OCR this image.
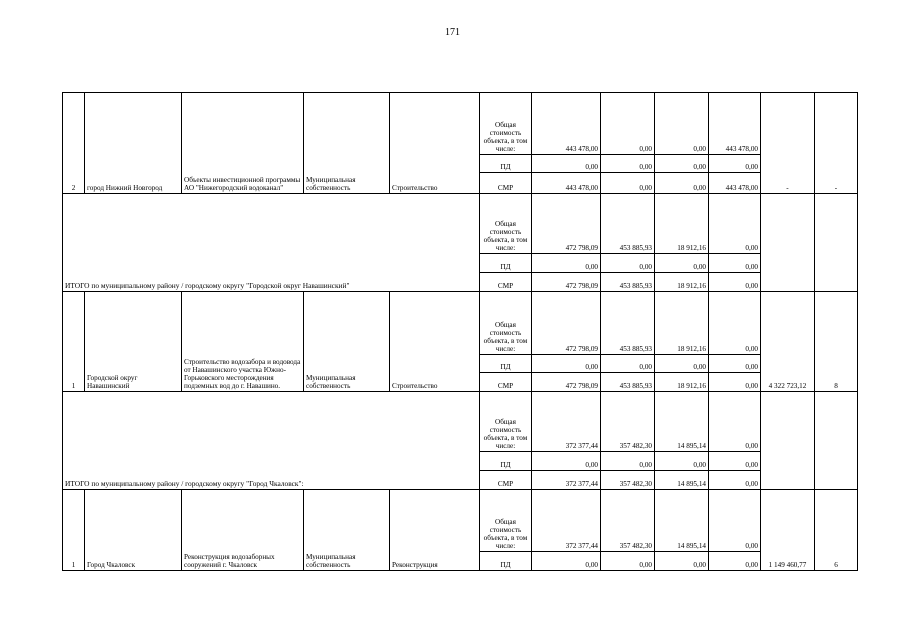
171
2	город Нижний Новгород	Объекты инвестиционной программы АО "Нижегородский водоканал"	Муниципальная собственность	Строительство	Общая стоимость объекта, в том числе:	443 478,00	0,00	0,00	443 478,00	-	-
					ПД	0,00	0,00	0,00	0,00		
					СМР	443 478,00	0,00	0,00	443 478,00		
ИТОГО по муниципальному району / городскому округу "Городской округ Навашинский"					Общая стоимость объекта, в том числе:	472 798,09	453 885,93	18 912,16	0,00		
					ПД	0,00	0,00	0,00	0,00		
					СМР	472 798,09	453 885,93	18 912,16	0,00		
1	Городской округ Навашинский	Строительство водозабора и водовода от Навашинского участка Южно-Горьковского месторождения подземных вод до г. Навашино.	Муниципальная собственность	Строительство	Общая стоимость объекта, в том числе:	472 798,09	453 885,93	18 912,16	0,00	4 322 723,12	8
					ПД	0,00	0,00	0,00	0,00		
					СМР	472 798,09	453 885,93	18 912,16	0,00		
ИТОГО по муниципальному району / городскому округу "Город Чкаловск":					Общая стоимость объекта, в том числе:	372 377,44	357 482,30	14 895,14	0,00		
					ПД	0,00	0,00	0,00	0,00		
					СМР	372 377,44	357 482,30	14 895,14	0,00		
1	Город Чкаловск	Реконструкция водозаборных сооружений г. Чкаловск	Муниципальная собственность	Реконструкция	Общая стоимость объекта, в том числе:	372 377,44	357 482,30	14 895,14	0,00	1 149 460,77	6
					ПД	0,00	0,00	0,00	0,00		
